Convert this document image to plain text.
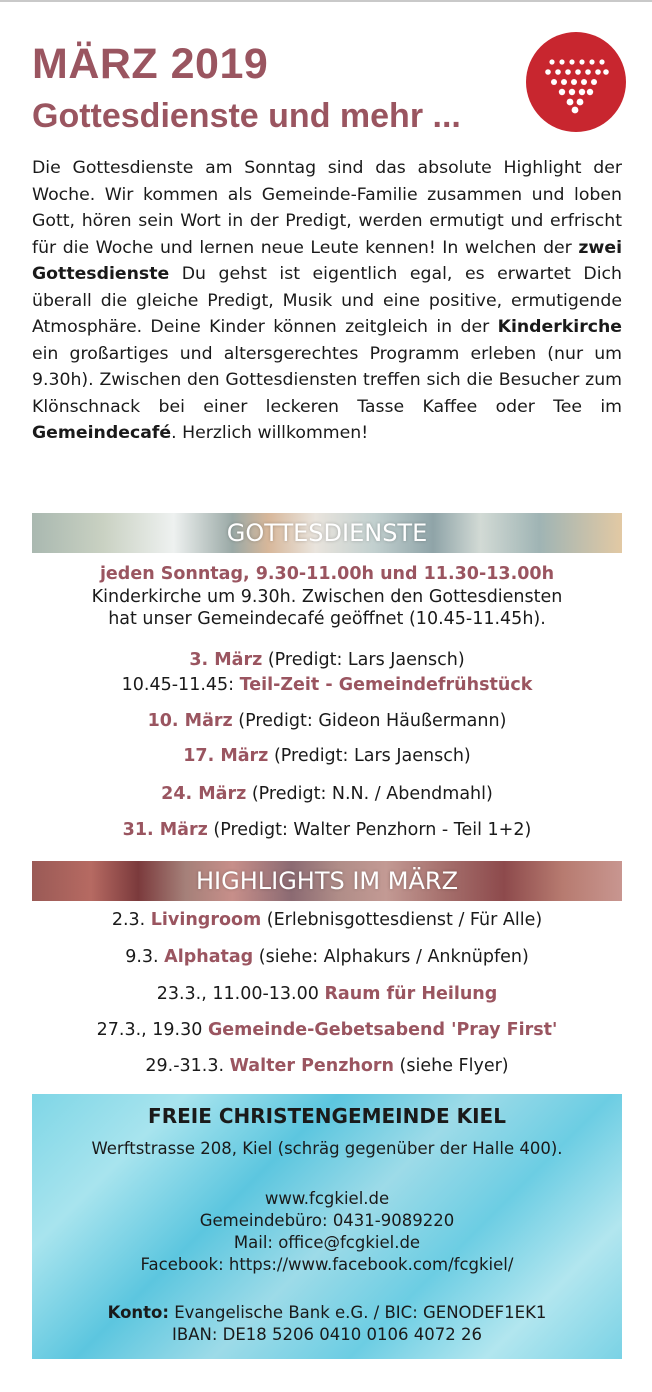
MÄRZ 2019
Gottesdienste und mehr ...
Die Gottesdienste am Sonntag sind das absolute Highlight der Woche. Wir kommen als Gemeinde-Familie zusammen und loben Gott, hören sein Wort in der Predigt, werden ermutigt und erfrischt für die Woche und lernen neue Leute kennen! In welchen der zwei Gottesdienste Du gehst ist eigentlich egal, es erwartet Dich überall die gleiche Predigt, Musik und eine positive, ermutigende Atmosphäre. Deine Kinder können zeitgleich in der Kinderkirche ein großartiges und altersgerechtes Programm erleben (nur um 9.30h). Zwischen den Gottesdiensten treffen sich die Besucher zum Klönschnack bei einer leckeren Tasse Kaffee oder Tee im Gemeindecafé. Herzlich willkommen!
GOTTESDIENSTE
jeden Sonntag, 9.30-11.00h und 11.30-13.00h
Kinderkirche um 9.30h. Zwischen den Gottesdiensten
hat unser Gemeindecafé geöffnet (10.45-11.45h).
3. März (Predigt: Lars Jaensch)
10.45-11.45: Teil-Zeit - Gemeindefrühstück
10. März (Predigt: Gideon Häußermann)
17. März (Predigt: Lars Jaensch)
24. März (Predigt: N.N. / Abendmahl)
31. März (Predigt: Walter Penzhorn - Teil 1+2)
HIGHLIGHTS IM MÄRZ
2.3. Livingroom (Erlebnisgottesdienst / Für Alle)
9.3. Alphatag (siehe: Alphakurs / Anknüpfen)
23.3., 11.00-13.00 Raum für Heilung
27.3., 19.30 Gemeinde-Gebetsabend 'Pray First'
29.-31.3. Walter Penzhorn (siehe Flyer)
FREIE CHRISTENGEMEINDE KIEL
Werftstrasse 208, Kiel (schräg gegenüber der Halle 400).
www.fcgkiel.de
Gemeindebüro: 0431-9089220
Mail: office@fcgkiel.de
Facebook: https://www.facebook.com/fcgkiel/
Konto: Evangelische Bank e.G. / BIC: GENODEF1EK1
IBAN: DE18 5206 0410 0106 4072 26
